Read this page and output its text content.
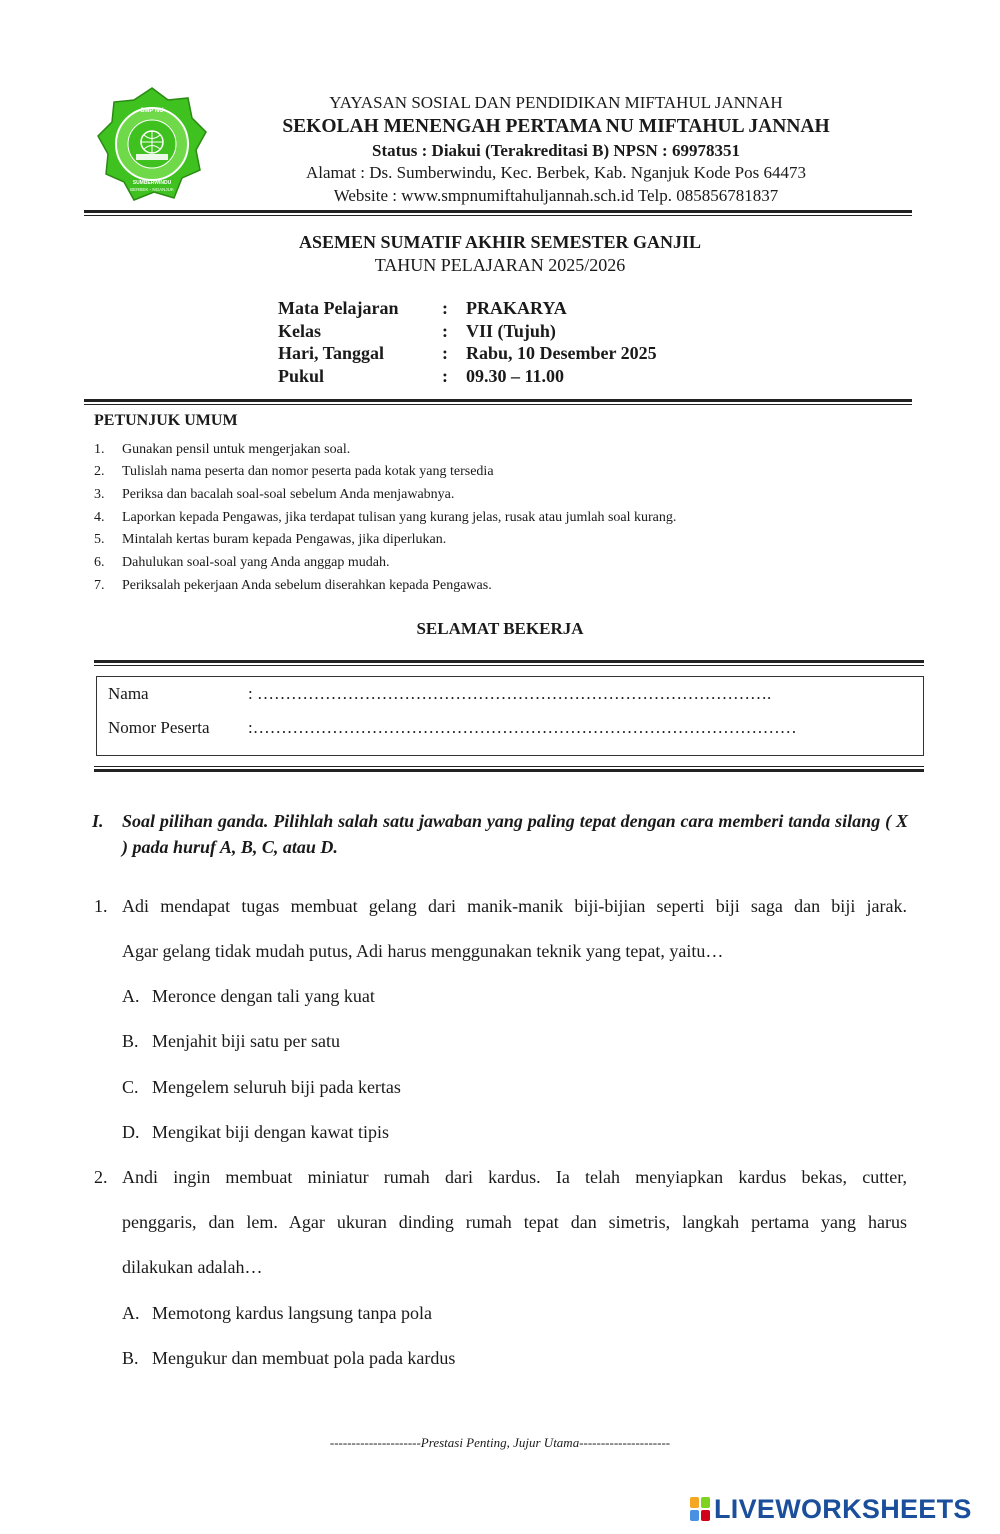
SMP NU
SUMBERWINDU
BERBEK - NGANJUK
YAYASAN SOSIAL DAN PENDIDIKAN MIFTAHUL JANNAH
SEKOLAH MENENGAH PERTAMA NU MIFTAHUL JANNAH
Status : Diakui (Terakreditasi B) NPSN : 69978351
Alamat : Ds. Sumberwindu, Kec. Berbek, Kab. Nganjuk Kode Pos 64473
Website : www.smpnumiftahuljannah.sch.id Telp. 085856781837
ASEMEN SUMATIF AKHIR SEMESTER GANJIL
TAHUN PELAJARAN 2025/2026
Mata Pelajaran : PRAKARYA
Kelas	: VII (Tujuh)
Hari, Tanggal	: Rabu, 10 Desember 2025
Pukul	: 09.30 – 11.00
PETUNJUK UMUM
1. Gunakan pensil untuk mengerjakan soal.
2. Tulislah nama peserta dan nomor peserta pada kotak yang tersedia
3. Periksa dan bacalah soal-soal sebelum Anda menjawabnya.
4. Laporkan kepada Pengawas, jika terdapat tulisan yang kurang jelas, rusak atau jumlah soal kurang.
5. Mintalah kertas buram kepada Pengawas, jika diperlukan.
6. Dahulukan soal-soal yang Anda anggap mudah.
7. Periksalah pekerjaan Anda sebelum diserahkan kepada Pengawas.
SELAMAT BEKERJA
Nama	: ……………………………………………………………………………….
Nomor Peserta :……………………………………………………………………………………
I. Soal pilihan ganda. Pilihlah salah satu jawaban yang paling tepat dengan cara memberi tanda silang ( X ) pada huruf A, B, C, atau D.
1. Adi mendapat tugas membuat gelang dari manik-manik biji-bijian seperti biji saga dan biji jarak.
Agar gelang tidak mudah putus, Adi harus menggunakan teknik yang tepat, yaitu…
A. Meronce dengan tali yang kuat
B. Menjahit biji satu per satu
C. Mengelem seluruh biji pada kertas
D. Mengikat biji dengan kawat tipis
2. Andi ingin membuat miniatur rumah dari kardus. Ia telah menyiapkan kardus bekas, cutter,
penggaris, dan lem. Agar ukuran dinding rumah tepat dan simetris, langkah pertama yang harus
dilakukan adalah…
A. Memotong kardus langsung tanpa pola
B. Mengukur dan membuat pola pada kardus
---------------------Prestasi Penting, Jujur Utama---------------------
LIVEWORKSHEETS
